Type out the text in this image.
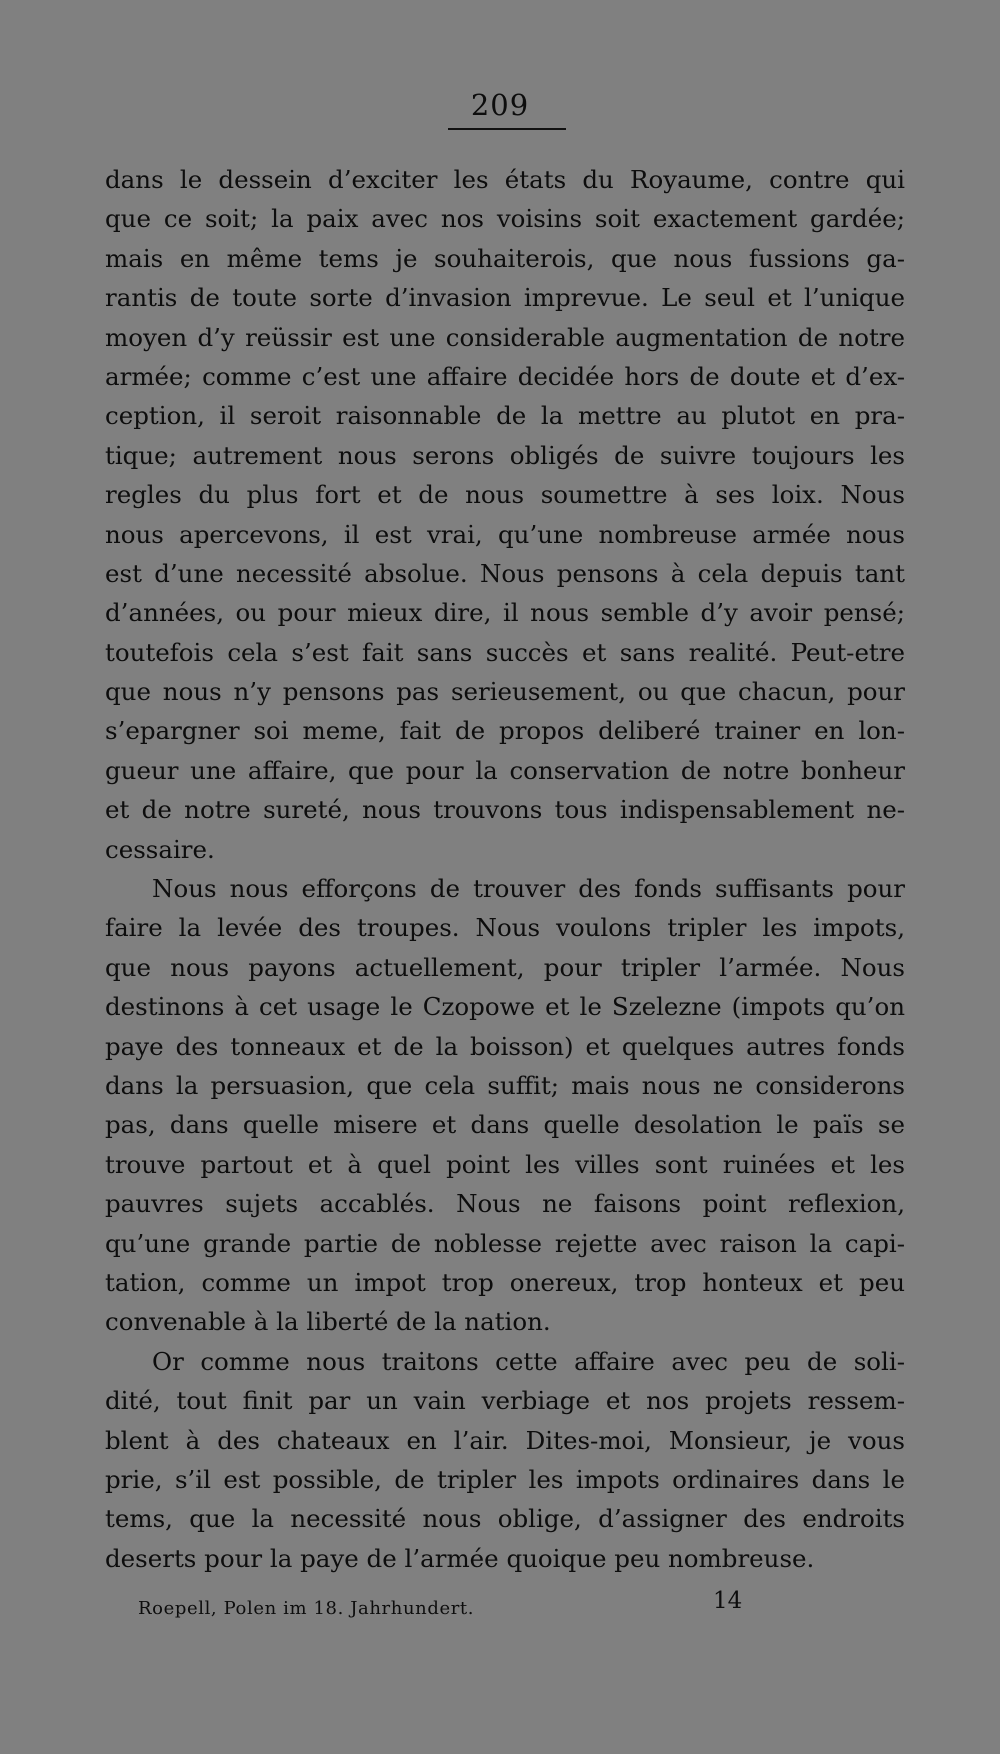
209
dans le dessein d’exciter les états du Royaume, contre qui
que ce soit; la paix avec nos voisins soit exactement gardée;
mais en même tems je souhaiterois, que nous fussions ga-
rantis de toute sorte d’invasion imprevue. Le seul et l’unique
moyen d’y reüssir est une considerable augmentation de notre
armée; comme c’est une affaire decidée hors de doute et d’ex-
ception, il seroit raisonnable de la mettre au plutot en pra-
tique; autrement nous serons obligés de suivre toujours les
regles du plus fort et de nous soumettre à ses loix. Nous
nous apercevons, il est vrai, qu’une nombreuse armée nous
est d’une necessité absolue. Nous pensons à cela depuis tant
d’années, ou pour mieux dire, il nous semble d’y avoir pensé;
toutefois cela s’est fait sans succès et sans realité. Peut-etre
que nous n’y pensons pas serieusement, ou que chacun, pour
s’epargner soi meme, fait de propos deliberé trainer en lon-
gueur une affaire, que pour la conservation de notre bonheur
et de notre sureté, nous trouvons tous indispensablement ne-
cessaire.
Nous nous efforçons de trouver des fonds suffisants pour
faire la levée des troupes. Nous voulons tripler les impots,
que nous payons actuellement, pour tripler l’armée. Nous
destinons à cet usage le Czopowe et le Szelezne (impots qu’on
paye des tonneaux et de la boisson) et quelques autres fonds
dans la persuasion, que cela suffit; mais nous ne considerons
pas, dans quelle misere et dans quelle desolation le païs se
trouve partout et à quel point les villes sont ruinées et les
pauvres sujets accablés. Nous ne faisons point reflexion,
qu’une grande partie de noblesse rejette avec raison la capi-
tation, comme un impot trop onereux, trop honteux et peu
convenable à la liberté de la nation.
Or comme nous traitons cette affaire avec peu de soli-
dité, tout finit par un vain verbiage et nos projets ressem-
blent à des chateaux en l’air. Dites-moi, Monsieur, je vous
prie, s’il est possible, de tripler les impots ordinaires dans le
tems, que la necessité nous oblige, d’assigner des endroits
deserts pour la paye de l’armée quoique peu nombreuse.
Roepell, Polen im 18. Jahrhundert.	14
